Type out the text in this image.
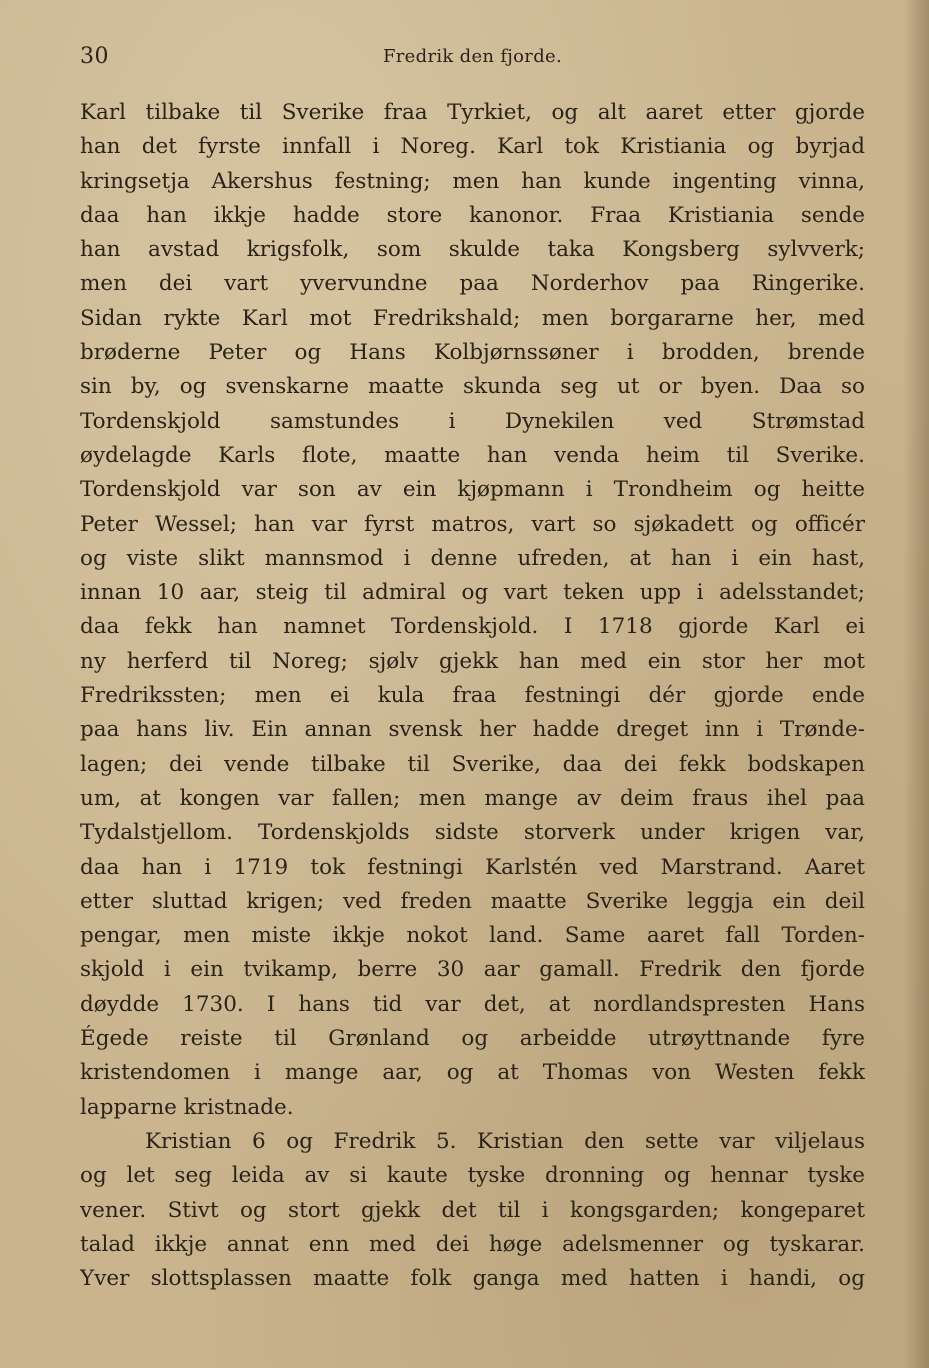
30	Fredrik den fjorde.
Karl tilbake til Sverike fraa Tyrkiet, og alt aaret etter gjorde
han det fyrste innfall i Noreg. Karl tok Kristiania og byrjad
kringsetja Akershus festning; men han kunde ingenting vinna,
daa han ikkje hadde store kanonor. Fraa Kristiania sende
han avstad krigsfolk, som skulde taka Kongsberg sylvverk;
men dei vart yvervundne paa Norderhov paa Ringerike.
Sidan rykte Karl mot Fredrikshald; men borgararne her, med
brøderne Peter og Hans Kolbjørnssøner i brodden, brende
sin by, og svenskarne maatte skunda seg ut or byen. Daa so
Tordenskjold samstundes i Dynekilen ved Strømstad
øydelagde Karls flote, maatte han venda heim til Sverike.
Tordenskjold var son av ein kjøpmann i Trondheim og heitte
Peter Wessel; han var fyrst matros, vart so sjøkadett og officér
og viste slikt mannsmod i denne ufreden, at han i ein hast,
innan 10 aar, steig til admiral og vart teken upp i adelsstandet;
daa fekk han namnet Tordenskjold. I 1718 gjorde Karl ei
ny herferd til Noreg; sjølv gjekk han med ein stor her mot
Fredrikssten; men ei kula fraa festningi dér gjorde ende
paa hans liv. Ein annan svensk her hadde dreget inn i Trønde-
lagen; dei vende tilbake til Sverike, daa dei fekk bodskapen
um, at kongen var fallen; men mange av deim fraus ihel paa
Tydalstjellom. Tordenskjolds sidste storverk under krigen var,
daa han i 1719 tok festningi Karlstén ved Marstrand. Aaret
etter sluttad krigen; ved freden maatte Sverike leggja ein deil
pengar, men miste ikkje nokot land. Same aaret fall Torden-
skjold i ein tvikamp, berre 30 aar gamall. Fredrik den fjorde
døydde 1730. I hans tid var det, at nordlandspresten Hans
Égede reiste til Grønland og arbeidde utrøyttnande fyre
kristendomen i mange aar, og at Thomas von Westen fekk
lapparne kristnade.
Kristian 6 og Fredrik 5. Kristian den sette var viljelaus
og let seg leida av si kaute tyske dronning og hennar tyske
vener. Stivt og stort gjekk det til i kongsgarden; kongeparet
talad ikkje annat enn med dei høge adelsmenner og tyskarar.
Yver slottsplassen maatte folk ganga med hatten i handi, og
